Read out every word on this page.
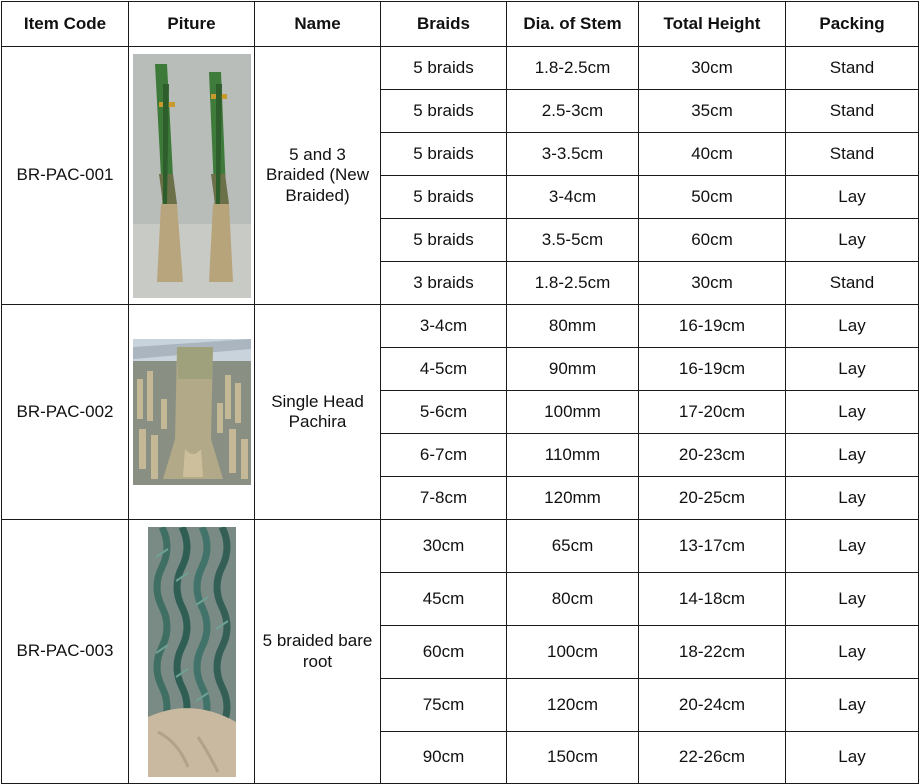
Item Code	Piture	Name	Braids	Dia. of Stem	Total Height	Packing
BR-PAC-001		5 and 3 Braided (New Braided)	5 braids	1.8-2.5cm	30cm	Stand
			5 braids	2.5-3cm	35cm	Stand
			5 braids	3-3.5cm	40cm	Stand
			5 braids	3-4cm	50cm	Lay
			5 braids	3.5-5cm	60cm	Lay
			3 braids	1.8-2.5cm	30cm	Stand
BR-PAC-002		Single Head Pachira	3-4cm	80mm	16-19cm	Lay
			4-5cm	90mm	16-19cm	Lay
			5-6cm	100mm	17-20cm	Lay
			6-7cm	110mm	20-23cm	Lay
			7-8cm	120mm	20-25cm	Lay
BR-PAC-003		5 braided bare root	30cm	65cm	13-17cm	Lay
			45cm	80cm	14-18cm	Lay
			60cm	100cm	18-22cm	Lay
			75cm	120cm	20-24cm	Lay
			90cm	150cm	22-26cm	Lay
